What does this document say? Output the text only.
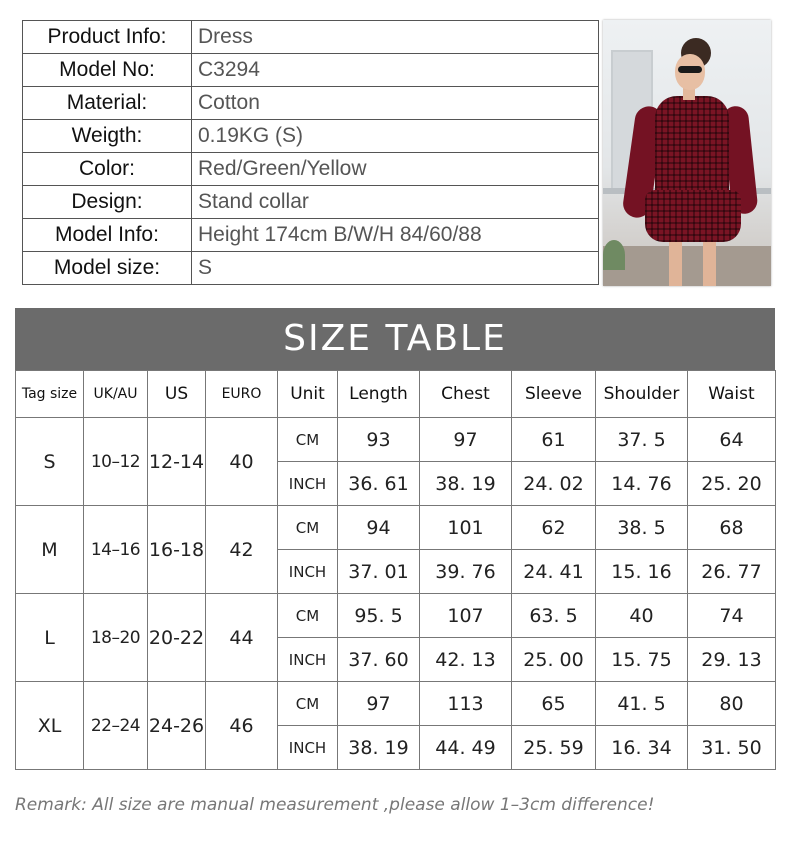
Product Info:	Dress
Model No:	C3294
Material:	Cotton
Weigth:	0.19KG (S)
Color:	Red/Green/Yellow
Design:	Stand collar
Model Info:	Height 174cm B/W/H 84/60/88
Model size:	S
SIZE TABLE
Tag size	UK/AU	US	EURO	Unit	Length	Chest	Sleeve	Shoulder	Waist
S	10–12	12-14	40	CM	93	97	61	37. 5	64
				INCH	36. 61	38. 19	24. 02	14. 76	25. 20
M	14–16	16-18	42	CM	94	101	62	38. 5	68
				INCH	37. 01	39. 76	24. 41	15. 16	26. 77
L	18–20	20-22	44	CM	95. 5	107	63. 5	40	74
				INCH	37. 60	42. 13	25. 00	15. 75	29. 13
XL	22–24	24-26	46	CM	97	113	65	41. 5	80
				INCH	38. 19	44. 49	25. 59	16. 34	31. 50
Remark: All size are manual measurement ,please allow 1–3cm difference!
